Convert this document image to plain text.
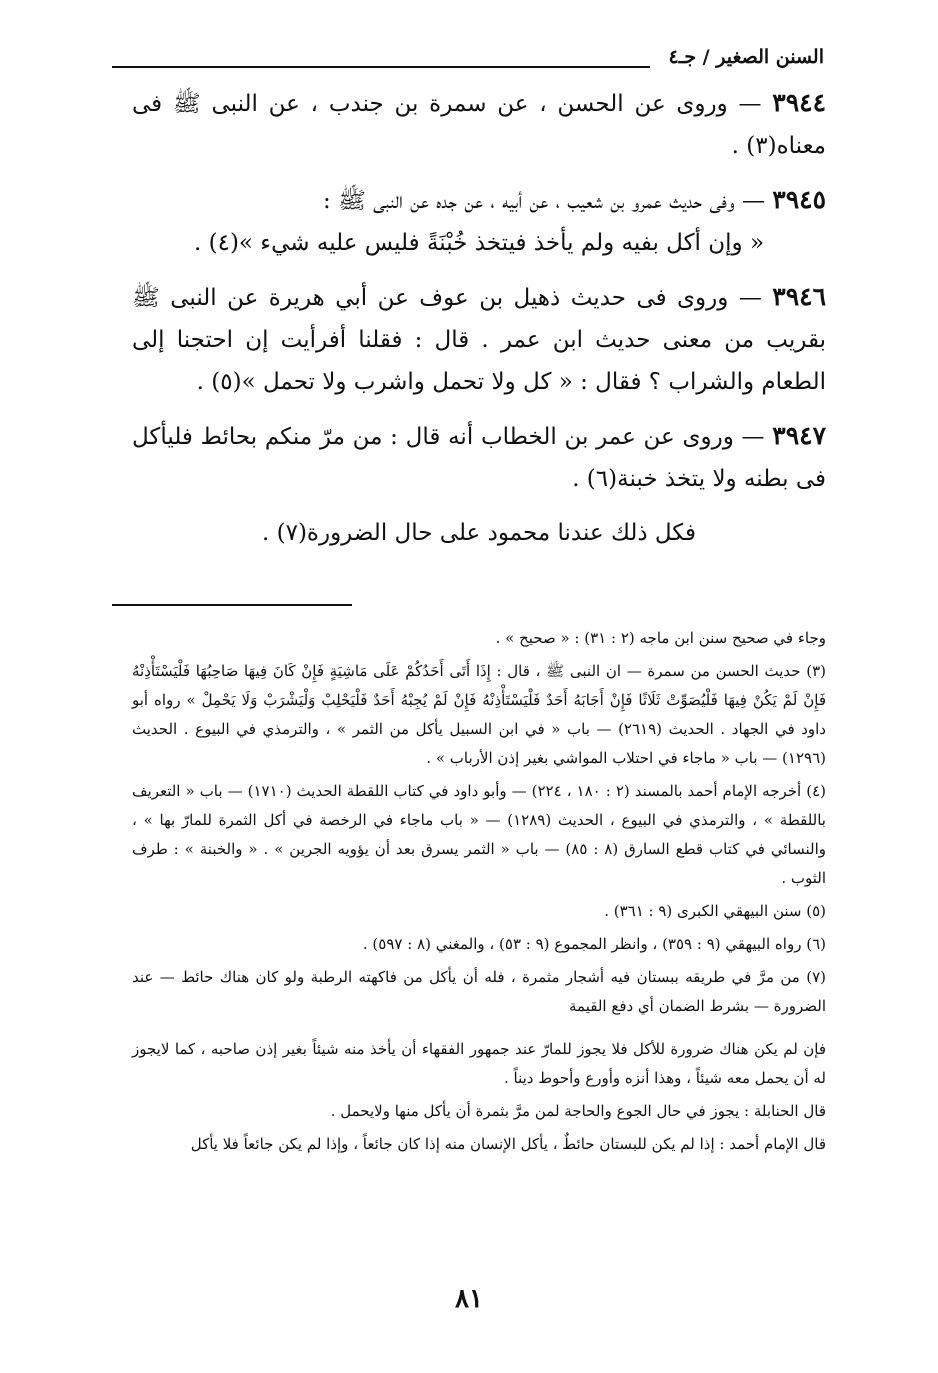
السنن الصغير / جـ٤

٣٩٤٤ — وروى عن الحسن ، عن سمرة بن جندب ، عن النبى ﷺ فى معناه(٣) .

٣٩٤٥ — وفى حديث عمرو بن شعيب ، عن أبيه ، عن جده عن النبى ﷺ :
« وإن أكل بفيه ولم يأخذ فيتخذ خُبْنَةً فليس عليه شيء »(٤) .

٣٩٤٦ — وروى فى حديث ذهيل بن عوف عن أبي هريرة عن النبى ﷺ بقريب من معنى حديث ابن عمر . قال : فقلنا أفرأيت إن احتجنا إلى الطعام والشراب ؟ فقال : « كل ولا تحمل واشرب ولا تحمل »(٥) .

٣٩٤٧ — وروى عن عمر بن الخطاب أنه قال : من مرّ منكم بحائط فليأكل فى بطنه ولا يتخذ خبنة(٦) .

فكل ذلك عندنا محمود على حال الضرورة(٧) .

وجاء في صحيح سنن ابن ماجه (٢ : ٣١) : « صحيح » .

(٣) حديث الحسن من سمرة — ان النبى ﷺ ، قال : إِذَا أَتَى أَحَدُكُمْ عَلَى مَاشِيَةٍ فَإِنْ كَانَ فِيهَا صَاحِبُهَا فَلْيَسْتَأْذِنْهُ فَإِنْ لَمْ يَكُنْ فِيهَا فَلْيُصَوِّتْ ثَلَاثًا فَإِنْ أَجَابَهُ أَحَدٌ فَلْيَسْتَأْذِنْهُ فَإِنْ لَمْ يُجِبْهُ أَحَدٌ فَلْيَحْلِبْ وَلْيَشْرَبْ وَلَا يَحْمِلْ » رواه أبو داود في الجهاد . الحديث (٢٦١٩) — باب « في ابن السبيل يأكل من الثمر » ، والترمذي في البيوع . الحديث (١٢٩٦) — باب « ماجاء في احتلاب المواشي بغير إذن الأرباب » .

(٤) أخرجه الإمام أحمد بالمسند (٢ : ١٨٠ ، ٢٢٤) — وأبو داود في كتاب اللقطة الحديث (١٧١٠) — باب « التعريف باللقطة » ، والترمذي في البيوع ، الحديث (١٢٨٩) — « باب ماجاء في الرخصة في أكل الثمرة للمارّ بها » ، والنسائي في كتاب قطع السارق (٨ : ٨٥) — باب « الثمر يسرق بعد أن يؤويه الجرين » . « والخبنة » : طرف الثوب .

(٥) سنن البيهقي الكبرى (٩ : ٣٦١) .

(٦) رواه البيهقي (٩ : ٣٥٩) ، وانظر المجموع (٩ : ٥٣) ، والمغني (٨ : ٥٩٧) .

(٧) من مرَّ في طريقه ببستان فيه أشجار مثمرة ، فله أن يأكل من فاكهته الرطبة ولو كان هناك حائط — عند الضرورة — بشرط الضمان أي دفع القيمة

فإن لم يكن هناك ضرورة للأكل فلا يجوز للمارّ عند جمهور الفقهاء أن يأخذ منه شيئاً بغير إذن صاحبه ، كما لايجوز له أن يحمل معه شيئاً ، وهذا أنزه وأورع وأحوط ديناً .

قال الحنابلة : يجوز في حال الجوع والحاجة لمن مرَّ بثمرة أن يأكل منها ولايحمل .

قال الإمام أحمد : إذا لم يكن للبستان حائطٌ ، يأكل الإنسان منه إذا كان جائعاً ، وإذا لم يكن جائعاً فلا يأكل

٨١
